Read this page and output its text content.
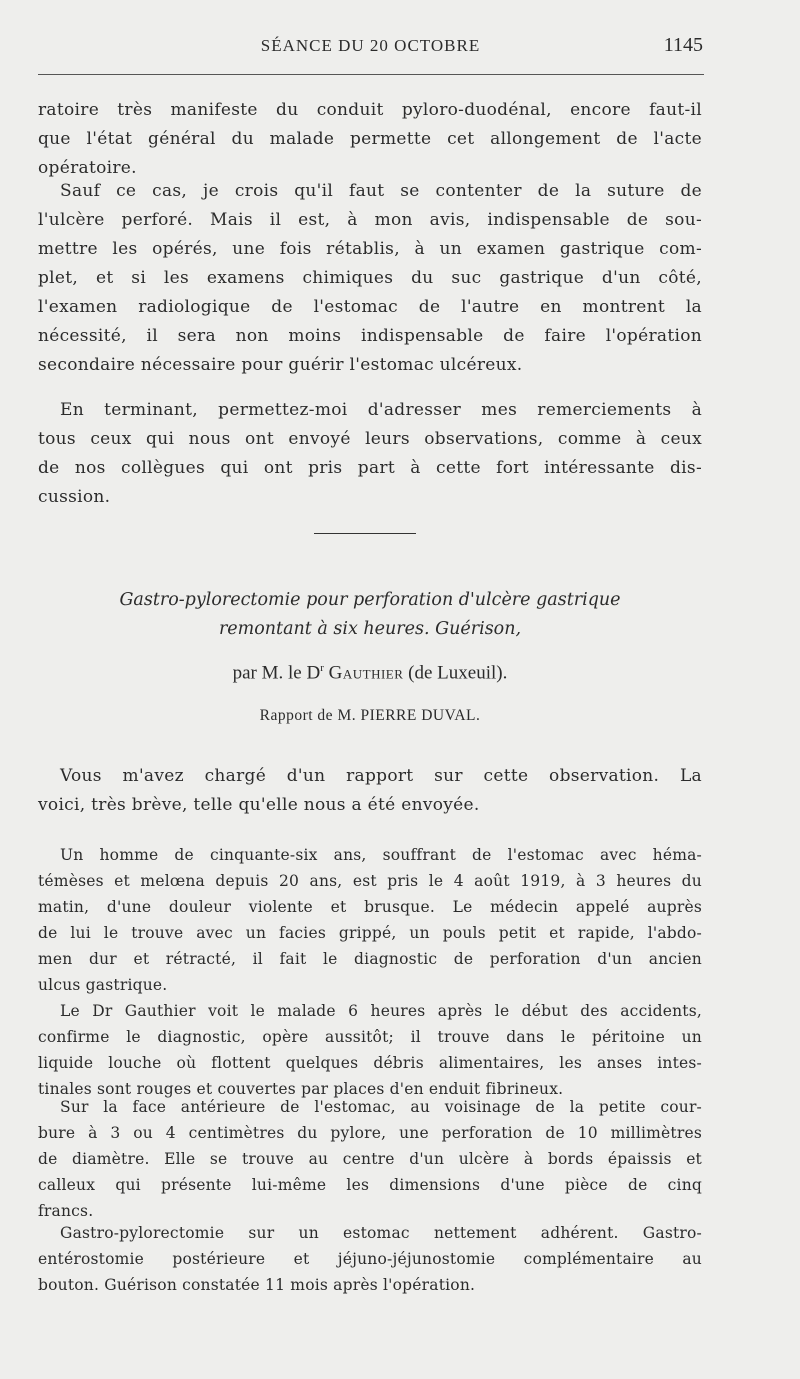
SÉANCE DU 20 OCTOBRE	1145
ratoire très manifeste du conduit pyloro-duodénal, encore faut-il
que l'état général du malade permette cet allongement de l'acte
opératoire.
Sauf ce cas, je crois qu'il faut se contenter de la suture de
l'ulcère perforé. Mais il est, à mon avis, indispensable de sou-
mettre les opérés, une fois rétablis, à un examen gastrique com-
plet, et si les examens chimiques du suc gastrique d'un côté,
l'examen radiologique de l'estomac de l'autre en montrent la
nécessité, il sera non moins indispensable de faire l'opération
secondaire nécessaire pour guérir l'estomac ulcéreux.
En terminant, permettez-moi d'adresser mes remerciements à
tous ceux qui nous ont envoyé leurs observations, comme à ceux
de nos collègues qui ont pris part à cette fort intéressante dis-
cussion.
Gastro-pylorectomie pour perforation d'ulcère gastrique
remontant à six heures. Guérison,
par M. le $D^r$ Gauthier (de Luxeuil).
Rapport de M. PIERRE DUVAL.
Vous m'avez chargé d'un rapport sur cette observation. La
voici, très brève, telle qu'elle nous a été envoyée.
Un homme de cinquante-six ans, souffrant de l'estomac avec héma-
témèses et melœna depuis 20 ans, est pris le 4 août 1919, à 3 heures du
matin, d'une douleur violente et brusque. Le médecin appelé auprès
de lui le trouve avec un facies grippé, un pouls petit et rapide, l'abdo-
men dur et rétracté, il fait le diagnostic de perforation d'un ancien
ulcus gastrique.
Le Dr Gauthier voit le malade 6 heures après le début des accidents,
confirme le diagnostic, opère aussitôt; il trouve dans le péritoine un
liquide louche où flottent quelques débris alimentaires, les anses intes-
tinales sont rouges et couvertes par places d'en enduit fibrineux.
Sur la face antérieure de l'estomac, au voisinage de la petite cour-
bure à 3 ou 4 centimètres du pylore, une perforation de 10 millimètres
de diamètre. Elle se trouve au centre d'un ulcère à bords épaissis et
calleux qui présente lui-même les dimensions d'une pièce de cinq
francs.
Gastro-pylorectomie sur un estomac nettement adhérent. Gastro-
entérostomie postérieure et jéjuno-jéjunostomie complémentaire au
bouton. Guérison constatée 11 mois après l'opération.
